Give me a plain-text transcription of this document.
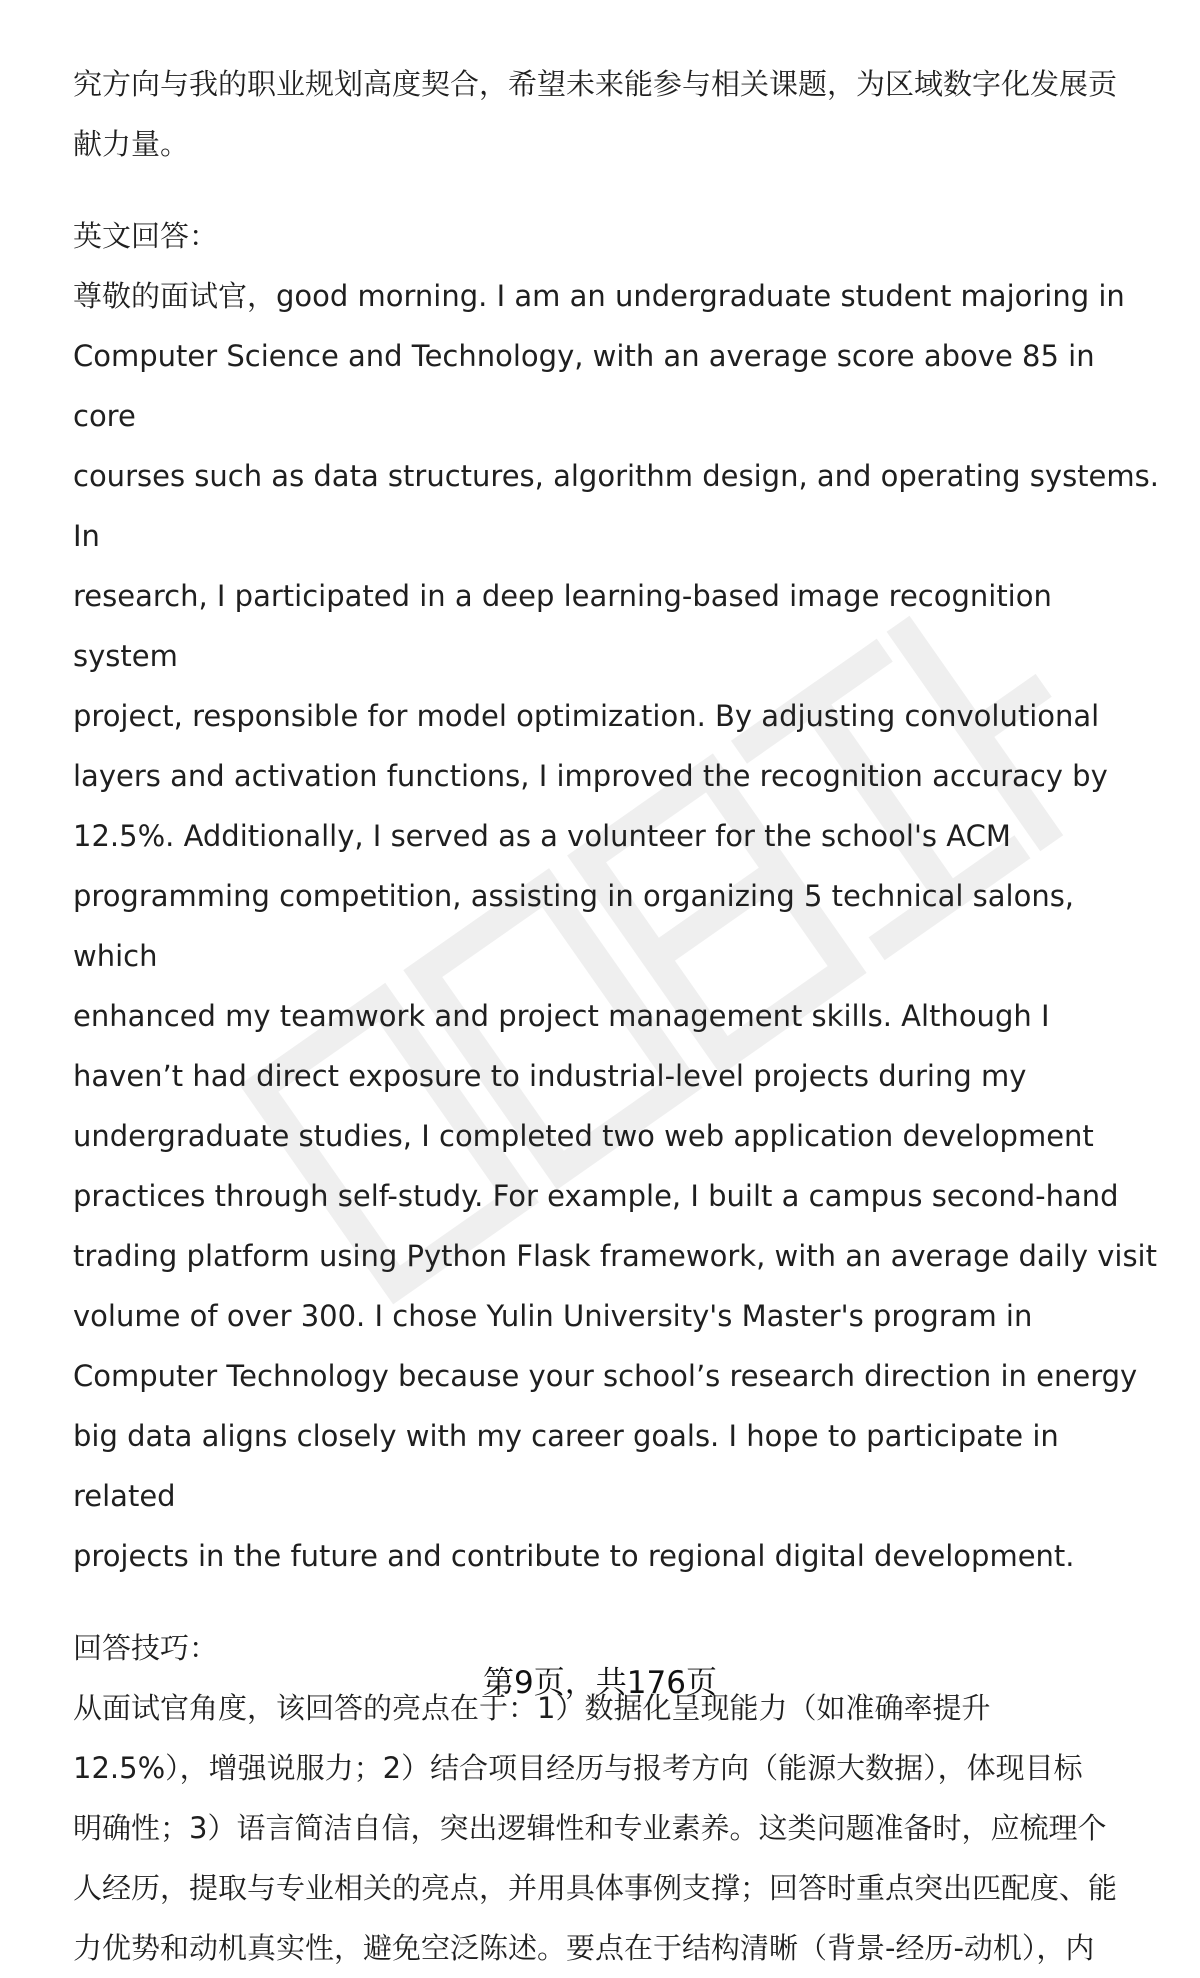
究方向与我的职业规划高度契合，希望未来能参与相关课题，为区域数字化发展贡

献力量。

英文回答：

尊敬的面试官，good morning. I am an undergraduate student majoring in

Computer Science and Technology, with an average score above 85 in core

courses such as data structures, algorithm design, and operating systems. In

research, I participated in a deep learning-based image recognition system

project, responsible for model optimization. By adjusting convolutional

layers and activation functions, I improved the recognition accuracy by

12.5%. Additionally, I served as a volunteer for the school's ACM

programming competition, assisting in organizing 5 technical salons, which

enhanced my teamwork and project management skills. Although I

haven’t had direct exposure to industrial-level projects during my

undergraduate studies, I completed two web application development

practices through self-study. For example, I built a campus second-hand

trading platform using Python Flask framework, with an average daily visit

volume of over 300. I chose Yulin University's Master's program in

Computer Technology because your school’s research direction in energy

big data aligns closely with my career goals. I hope to participate in related

projects in the future and contribute to regional digital development.

回答技巧：

从面试官角度，该回答的亮点在于：1）数据化呈现能力（如准确率提升

12.5%），增强说服力；2）结合项目经历与报考方向（能源大数据），体现目标

明确性；3）语言简洁自信，突出逻辑性和专业素养。这类问题准备时，应梳理个

人经历，提取与专业相关的亮点，并用具体事例支撑；回答时重点突出匹配度、能

力优势和动机真实性，避免空泛陈述。要点在于结构清晰（背景-经历-动机），内

第9页，共176页
